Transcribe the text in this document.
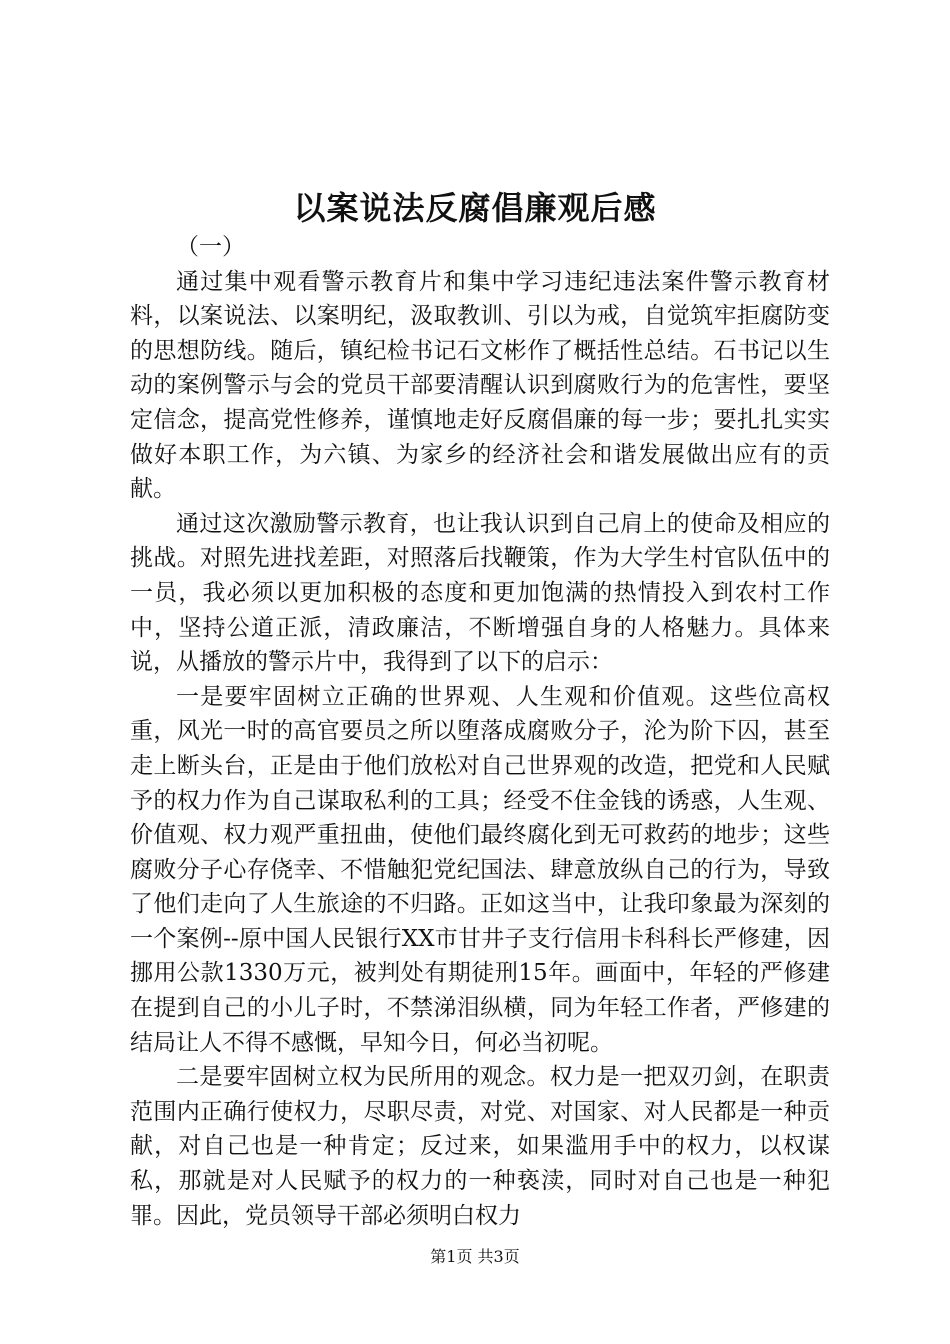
以案说法反腐倡廉观后感

（一）

通过集中观看警示教育片和集中学习违纪违法案件警示教育材料，以案说法、以案明纪，汲取教训、引以为戒，自觉筑牢拒腐防变的思想防线。随后，镇纪检书记石文彬作了概括性总结。石书记以生动的案例警示与会的党员干部要清醒认识到腐败行为的危害性，要坚定信念，提高党性修养，谨慎地走好反腐倡廉的每一步；要扎扎实实做好本职工作，为六镇、为家乡的经济社会和谐发展做出应有的贡献。

通过这次激励警示教育，也让我认识到自己肩上的使命及相应的挑战。对照先进找差距，对照落后找鞭策，作为大学生村官队伍中的一员，我必须以更加积极的态度和更加饱满的热情投入到农村工作中，坚持公道正派，清政廉洁，不断增强自身的人格魅力。具体来说，从播放的警示片中，我得到了以下的启示：

一是要牢固树立正确的世界观、人生观和价值观。这些位高权重，风光一时的高官要员之所以堕落成腐败分子，沦为阶下囚，甚至走上断头台，正是由于他们放松对自己世界观的改造，把党和人民赋予的权力作为自己谋取私利的工具；经受不住金钱的诱惑，人生观、价值观、权力观严重扭曲，使他们最终腐化到无可救药的地步；这些腐败分子心存侥幸、不惜触犯党纪国法、肆意放纵自己的行为，导致了他们走向了人生旅途的不归路。正如这当中，让我印象最为深刻的一个案例--原中国人民银行XX市甘井子支行信用卡科科长严修建，因挪用公款1330万元，被判处有期徒刑15年。画面中，年轻的严修建在提到自己的小儿子时，不禁涕泪纵横，同为年轻工作者，严修建的结局让人不得不感慨，早知今日，何必当初呢。

二是要牢固树立权为民所用的观念。权力是一把双刃剑，在职责范围内正确行使权力，尽职尽责，对党、对国家、对人民都是一种贡献，对自己也是一种肯定；反过来，如果滥用手中的权力，以权谋私，那就是对人民赋予的权力的一种亵渎，同时对自己也是一种犯罪。因此，党员领导干部必须明白权力

第1页 共3页
